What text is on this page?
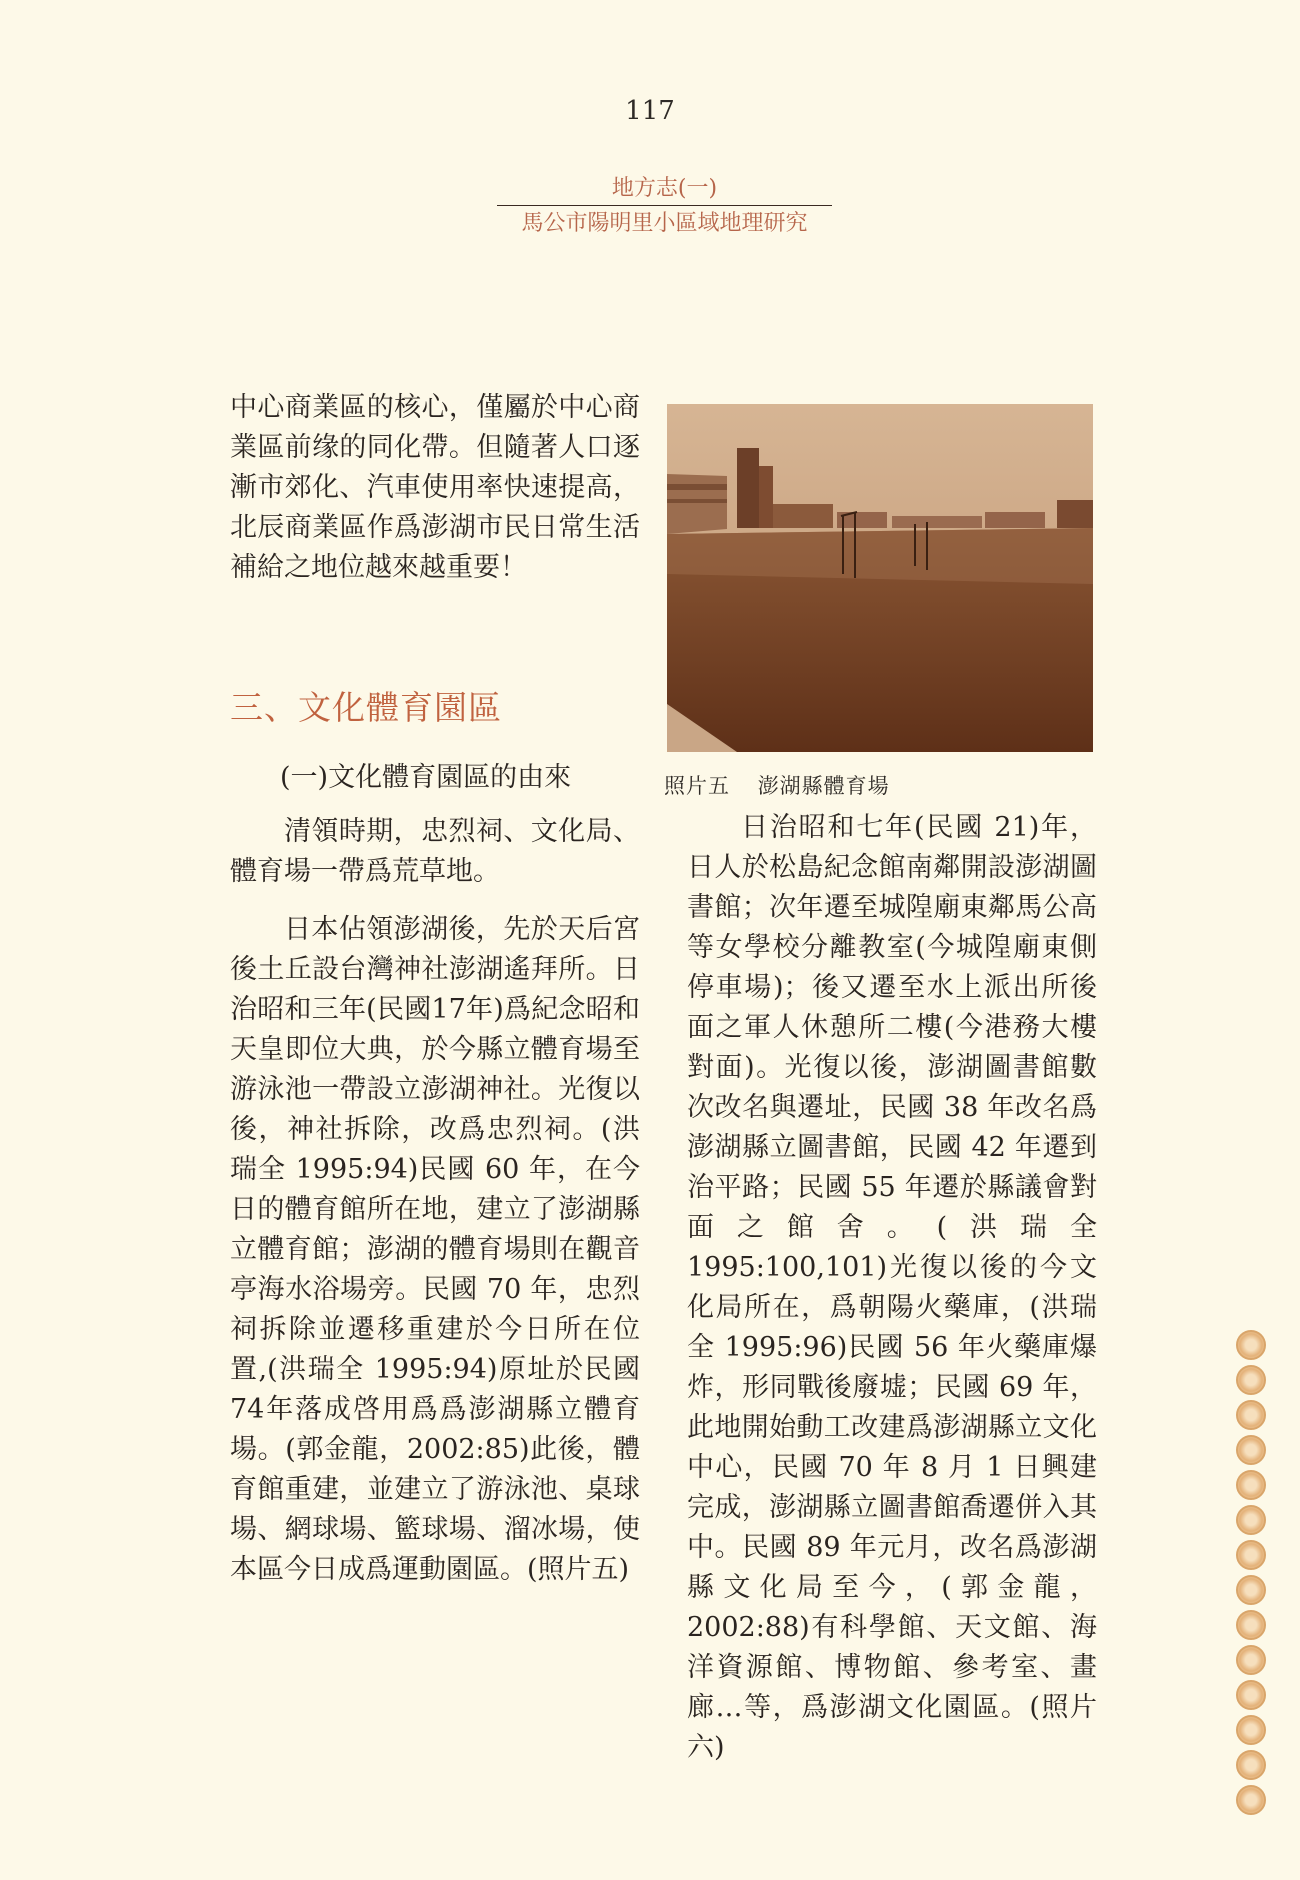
117
地方志(一)
馬公市陽明里小區域地理研究

中心商業區的核心，僅屬於中心商業區前缘的同化帶。但隨著人口逐漸市郊化、汽車使用率快速提高，北辰商業區作爲澎湖市民日常生活補給之地位越來越重要！

三、文化體育園區
(一)文化體育園區的由來

清領時期，忠烈祠、文化局、體育場一帶爲荒草地。

日本佔領澎湖後，先於天后宮後土丘設台灣神社澎湖遙拜所。日治昭和三年(民國17年)爲紀念昭和天皇即位大典，於今縣立體育場至游泳池一帶設立澎湖神社。光復以後，神社拆除，改爲忠烈祠。(洪瑞全 1995:94)民國 60 年，在今日的體育館所在地，建立了澎湖縣立體育館；澎湖的體育場則在觀音亭海水浴場旁。民國 70 年，忠烈祠拆除並遷移重建於今日所在位置,(洪瑞全 1995:94)原址於民國74年落成啓用爲爲澎湖縣立體育場。(郭金龍，2002:85)此後，體育館重建，並建立了游泳池、桌球場、網球場、籃球場、溜冰場，使本區今日成爲運動園區。(照片五)

照片五 澎湖縣體育場

日治昭和七年(民國 21)年，日人於松島紀念館南鄰開設澎湖圖書館；次年遷至城隍廟東鄰馬公高等女學校分離教室(今城隍廟東側停車場)；後又遷至水上派出所後面之軍人休憩所二樓(今港務大樓對面)。光復以後，澎湖圖書館數次改名與遷址，民國 38 年改名爲澎湖縣立圖書館，民國 42 年遷到治平路；民國 55 年遷於縣議會對面之館舍。(洪瑞全 1995:100,101)光復以後的今文化局所在，爲朝陽火藥庫，(洪瑞全 1995:96)民國 56 年火藥庫爆炸，形同戰後廢墟；民國 69 年，此地開始動工改建爲澎湖縣立文化中心，民國 70 年 8 月 1 日興建完成，澎湖縣立圖書館喬遷併入其中。民國 89 年元月，改名爲澎湖縣文化局至今，(郭金龍，2002:88)有科學館、天文館、海洋資源館、博物館、參考室、畫廊…等，爲澎湖文化園區。(照片六)
